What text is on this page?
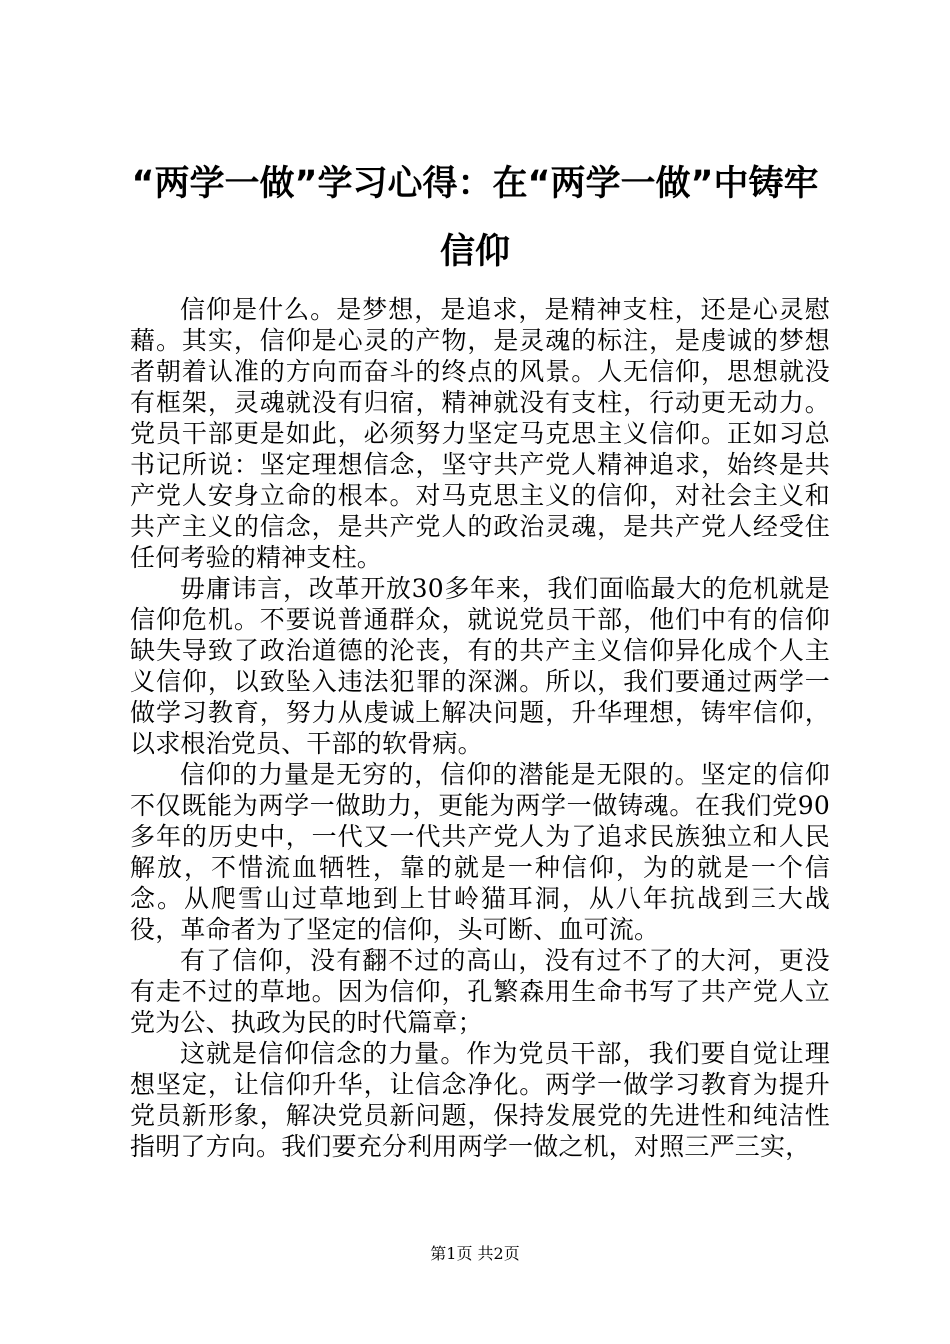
“两学一做”学习心得：在“两学一做”中铸牢信仰

信仰是什么。是梦想，是追求，是精神支柱，还是心灵慰藉。其实，信仰是心灵的产物，是灵魂的标注，是虔诚的梦想者朝着认准的方向而奋斗的终点的风景。人无信仰，思想就没有框架，灵魂就没有归宿，精神就没有支柱，行动更无动力。党员干部更是如此，必须努力坚定马克思主义信仰。正如习总书记所说：坚定理想信念，坚守共产党人精神追求，始终是共产党人安身立命的根本。对马克思主义的信仰，对社会主义和共产主义的信念，是共产党人的政治灵魂，是共产党人经受住任何考验的精神支柱。

毋庸讳言，改革开放30多年来，我们面临最大的危机就是信仰危机。不要说普通群众，就说党员干部，他们中有的信仰缺失导致了政治道德的沦丧，有的共产主义信仰异化成个人主义信仰，以致坠入违法犯罪的深渊。所以，我们要通过两学一做学习教育，努力从虔诚上解决问题，升华理想，铸牢信仰，以求根治党员、干部的软骨病。

信仰的力量是无穷的，信仰的潜能是无限的。坚定的信仰不仅既能为两学一做助力，更能为两学一做铸魂。在我们党90多年的历史中，一代又一代共产党人为了追求民族独立和人民解放，不惜流血牺牲，靠的就是一种信仰，为的就是一个信念。从爬雪山过草地到上甘岭猫耳洞，从八年抗战到三大战役，革命者为了坚定的信仰，头可断、血可流。

有了信仰，没有翻不过的高山，没有过不了的大河，更没有走不过的草地。因为信仰，孔繁森用生命书写了共产党人立党为公、执政为民的时代篇章；

这就是信仰信念的力量。作为党员干部，我们要自觉让理想坚定，让信仰升华，让信念净化。两学一做学习教育为提升党员新形象，解决党员新问题，保持发展党的先进性和纯洁性指明了方向。我们要充分利用两学一做之机，对照三严三实，

第1页 共2页
